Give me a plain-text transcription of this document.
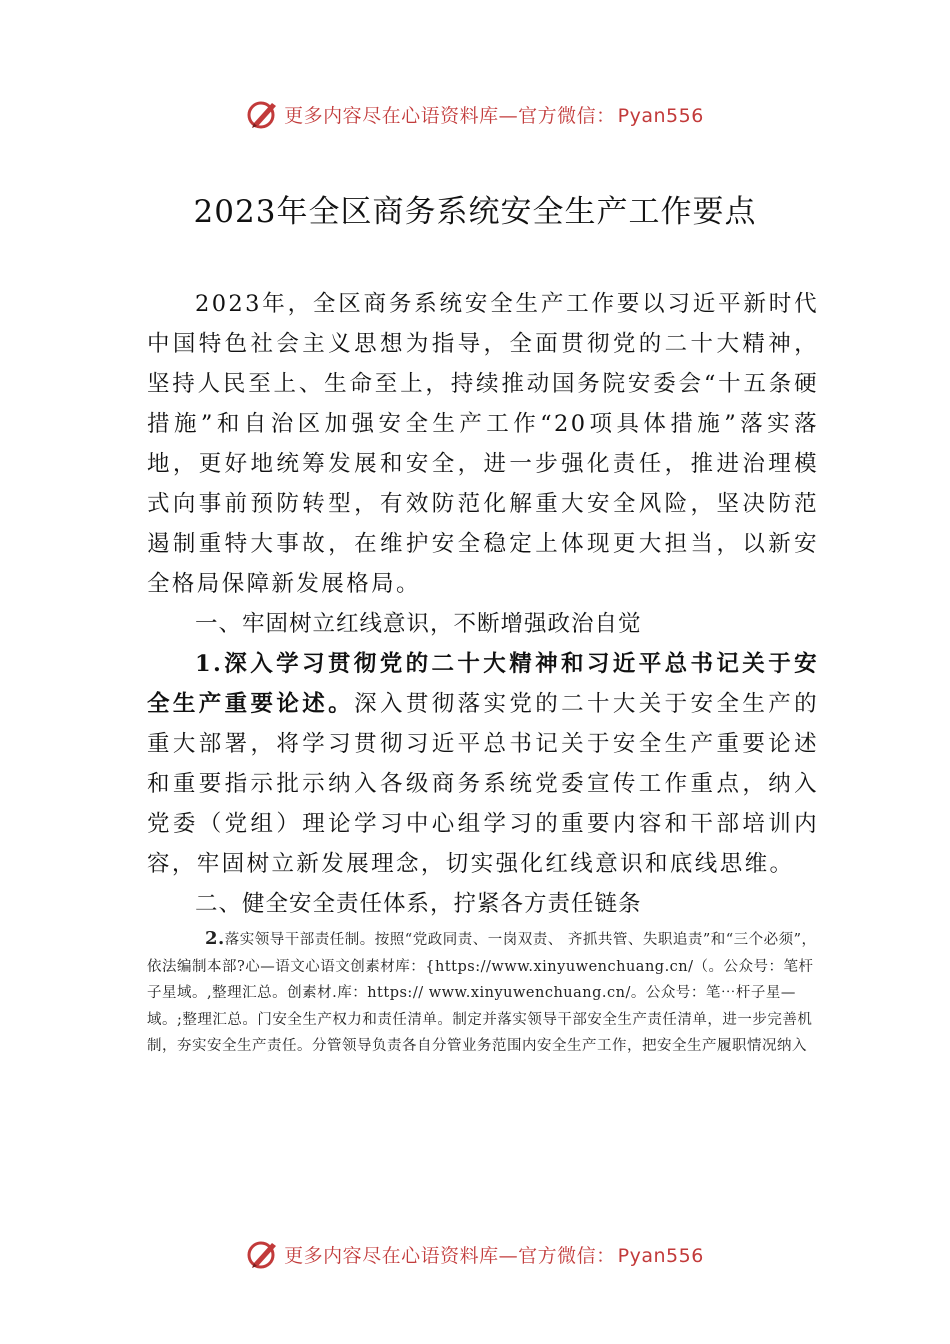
更多内容尽在心语资料库—官方微信： Pyan556
2023年全区商务系统安全生产工作要点

2023年，全区商务系统安全生产工作要以习近平新时代中国特色社会主义思想为指导，全面贯彻党的二十大精神， 坚持人民至上、生命至上，持续推动国务院安委会“十五条硬措施”和自治区加强安全生产工作“20项具体措施”落实落地，更好地统筹发展和安全，进一步强化责任，推进治理模式向事前预防转型，有效防范化解重大安全风险，坚决防范遏制重特大事故，在维护安全稳定上体现更大担当，以新安全格局保障新发展格局。

一、牢固树立红线意识，不断增强政治自觉

1.深入学习贯彻党的二十大精神和习近平总书记关于安全生产重要论述。深入贯彻落实党的二十大关于安全生产的重大部署，将学习贯彻习近平总书记关于安全生产重要论述和重要指示批示纳入各级商务系统党委宣传工作重点，纳入党委（党组）理论学习中心组学习的重要内容和干部培训内容，牢固树立新发展理念，切实强化红线意识和底线思维。

二、健全安全责任体系，拧紧各方责任链条

2.落实领导干部责任制。按照“党政同责、一岗双责、 齐抓共管、失职追责”和“三个必须”，依法编制本部?心—语文心语文创素材库：{https://www.xinyuwenchuang.cn/（。公众号：笔杆子星域。,整理汇总。创素材.库：https:// www.xinyuwenchuang.cn/。公众号：笔⋯杆子星—域。;整理汇总。门安全生产权力和责任清单。制定并落实领导干部安全生产责任清单，进一步完善机制，夯实安全生产责任。分管领导负责各自分管业务范围内安全生产工作，把安全生产履职情况纳入
更多内容尽在心语资料库—官方微信： Pyan556
